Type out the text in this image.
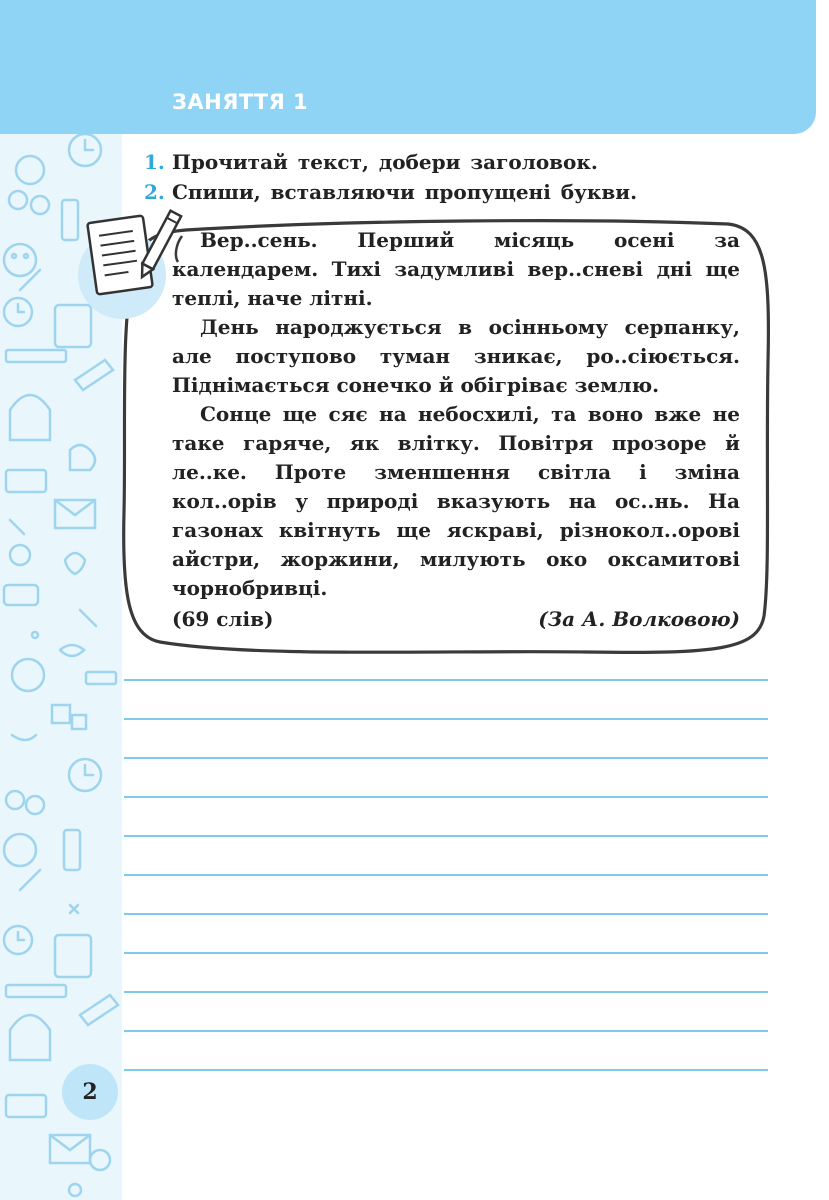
ЗАНЯТТЯ 1
1. Прочитай текст, добери заголовок.
2. Спиши, вставляючи пропущені букви.

Вер..сень. Перший місяць осені за календарем. Тихі задумливі вер..сневі дні ще теплі, наче літні.

День народжується в осінньому серпанку, але поступово туман зникає, ро..сіюється. Піднімається сонечко й обігріває землю.

Сонце ще сяє на небосхилі, та воно вже не таке гаряче, як влітку. Повітря прозоре й ле..ке. Проте зменшення світла і зміна кол..орів у природі вказують на ос..нь. На газонах квітнуть ще яскраві, різнокол..орові айстри, жоржини, милують око оксамитові чорнобривці.

(69 слів)	(За А. Волковою)
2
